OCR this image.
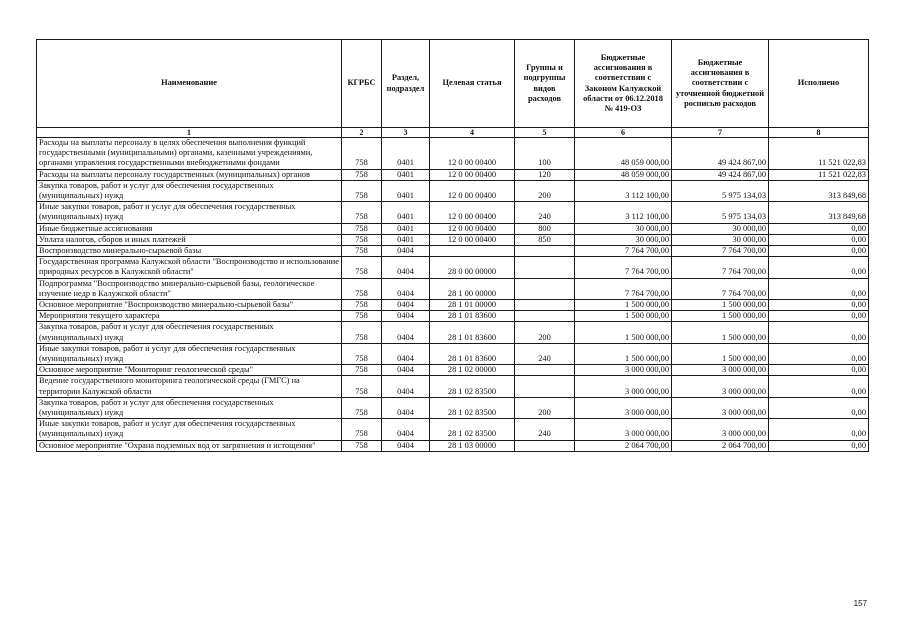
Наименование	КГРБС	Раздел, подраздел	Целевая статья	Группы и подгруппы видов расходов	Бюджетные ассигнования в соответствии с Законом Калужской области от 06.12.2018 № 419-ОЗ	Бюджетные ассигнования в соответствии с уточненной бюджетной росписью расходов	Исполнено
1	2	3	4	5	6	7	8
Расходы на выплаты персоналу в целях обеспечения выполнения функций государственными (муниципальными) органами, казенными учреждениями, органами управления государственными внебюджетными фондами	758	0401	12 0 00 00400	100	48 059 000,00	49 424 867,00	11 521 022,83
Расходы на выплаты персоналу государственных (муниципальных) органов	758	0401	12 0 00 00400	120	48 059 000,00	49 424 867,00	11 521 022,83
Закупка товаров, работ и услуг для обеспечения государственных (муниципальных) нужд	758	0401	12 0 00 00400	200	3 112 100,00	5 975 134,03	313 849,68
Иные закупки товаров, работ и услуг для обеспечения государственных (муниципальных) нужд	758	0401	12 0 00 00400	240	3 112 100,00	5 975 134,03	313 849,68
Иные бюджетные ассигнования	758	0401	12 0 00 00400	800	30 000,00	30 000,00	0,00
Уплата налогов, сборов и иных платежей	758	0401	12 0 00 00400	850	30 000,00	30 000,00	0,00
Воспроизводство минерально-сырьевой базы	758	0404			7 764 700,00	7 764 700,00	0,00
Государственная программа Калужской области "Воспроизводство и использование природных ресурсов в Калужской области"	758	0404	28 0 00 00000		7 764 700,00	7 764 700,00	0,00
Подпрограмма "Воспроизводство минерально-сырьевой базы, геологическое изучение недр в Калужской области"	758	0404	28 1 00 00000		7 764 700,00	7 764 700,00	0,00
Основное мероприятие "Воспроизводство минерально-сырьевой базы"	758	0404	28 1 01 00000		1 500 000,00	1 500 000,00	0,00
Мероприятия текущего характера	758	0404	28 1 01 83600		1 500 000,00	1 500 000,00	0,00
Закупка товаров, работ и услуг для обеспечения государственных (муниципальных) нужд	758	0404	28 1 01 83600	200	1 500 000,00	1 500 000,00	0,00
Иные закупки товаров, работ и услуг для обеспечения государственных (муниципальных) нужд	758	0404	28 1 01 83600	240	1 500 000,00	1 500 000,00	0,00
Основное мероприятие "Мониторинг геологической среды"	758	0404	28 1 02 00000		3 000 000,00	3 000 000,00	0,00
Ведение государственного мониторинга геологической среды (ГМГС) на территории Калужской области	758	0404	28 1 02 83500		3 000 000,00	3 000 000,00	0,00
Закупка товаров, работ и услуг для обеспечения государственных (муниципальных) нужд	758	0404	28 1 02 83500	200	3 000 000,00	3 000 000,00	0,00
Иные закупки товаров, работ и услуг для обеспечения государственных (муниципальных) нужд	758	0404	28 1 02 83500	240	3 000 000,00	3 000 000,00	0,00
Основное мероприятие "Охрана подземных вод от загрязнения и истощения"	758	0404	28 1 03 00000		2 064 700,00	2 064 700,00	0,00
157
